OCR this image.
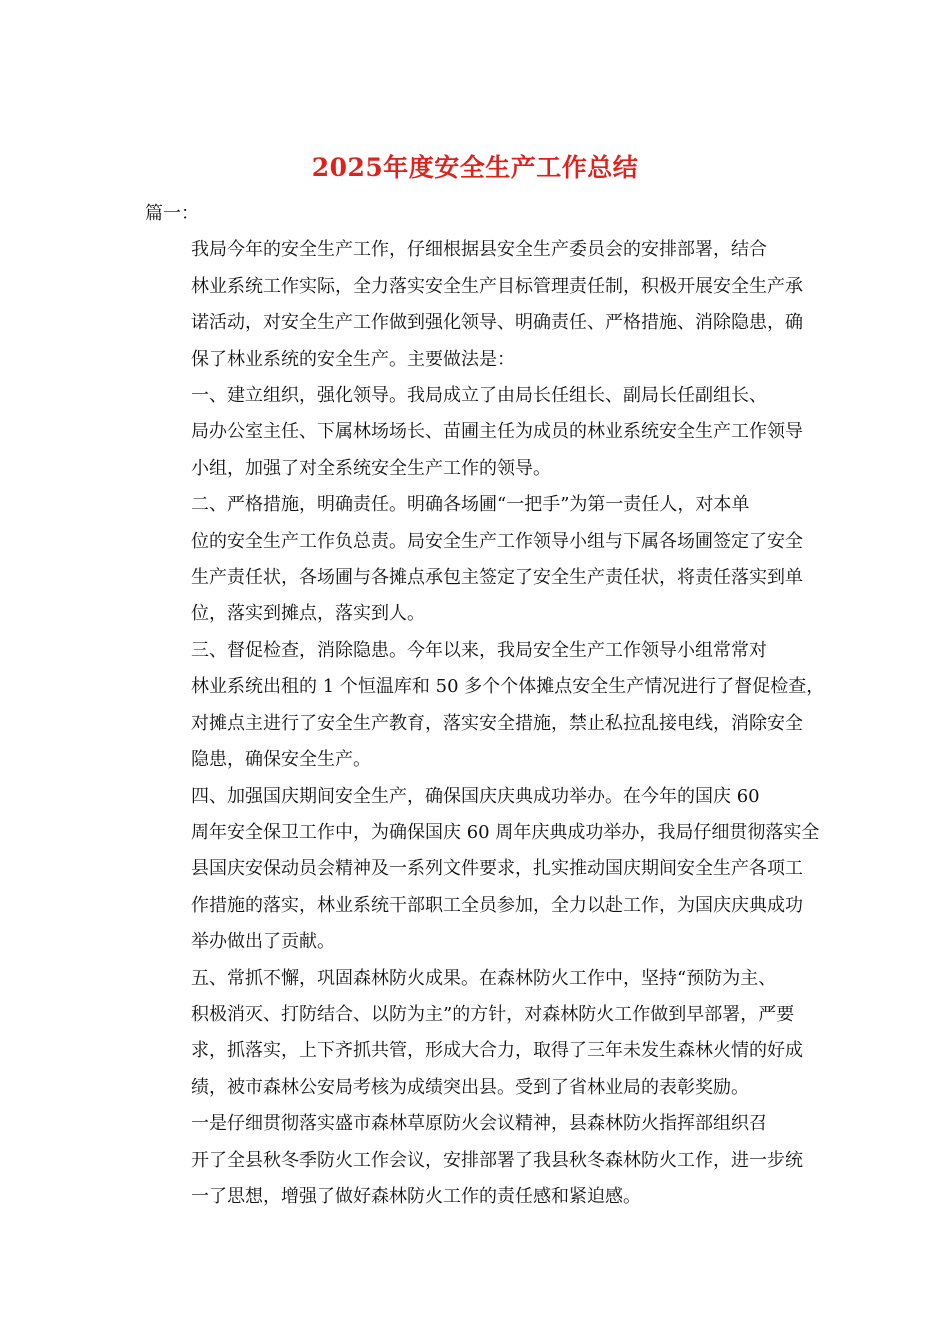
2025年度安全生产工作总结

篇一：

我局今年的安全生产工作，仔细根据县安全生产委员会的安排部署，结合
林业系统工作实际，全力落实安全生产目标管理责任制，积极开展安全生产承
诺活动，对安全生产工作做到强化领导、明确责任、严格措施、消除隐患，确
保了林业系统的安全生产。主要做法是：

一、建立组织，强化领导。我局成立了由局长任组长、副局长任副组长、
局办公室主任、下属林场场长、苗圃主任为成员的林业系统安全生产工作领导
小组，加强了对全系统安全生产工作的领导。

二、严格措施，明确责任。明确各场圃“一把手”为第一责任人，对本单
位的安全生产工作负总责。局安全生产工作领导小组与下属各场圃签定了安全
生产责任状，各场圃与各摊点承包主签定了安全生产责任状，将责任落实到单
位，落实到摊点，落实到人。

三、督促检查，消除隐患。今年以来，我局安全生产工作领导小组常常对
林业系统出租的 1 个恒温库和 50 多个个体摊点安全生产情况进行了督促检查，
对摊点主进行了安全生产教育，落实安全措施，禁止私拉乱接电线，消除安全
隐患，确保安全生产。

四、加强国庆期间安全生产，确保国庆庆典成功举办。在今年的国庆 60
周年安全保卫工作中，为确保国庆 60 周年庆典成功举办，我局仔细贯彻落实全
县国庆安保动员会精神及一系列文件要求，扎实推动国庆期间安全生产各项工
作措施的落实，林业系统干部职工全员参加，全力以赴工作，为国庆庆典成功
举办做出了贡献。

五、常抓不懈，巩固森林防火成果。在森林防火工作中，坚持“预防为主、
积极消灭、打防结合、以防为主”的方针，对森林防火工作做到早部署，严要
求，抓落实，上下齐抓共管，形成大合力，取得了三年未发生森林火情的好成
绩，被市森林公安局考核为成绩突出县。受到了省林业局的表彰奖励。

一是仔细贯彻落实盛市森林草原防火会议精神，县森林防火指挥部组织召
开了全县秋冬季防火工作会议，安排部署了我县秋冬森林防火工作，进一步统
一了思想，增强了做好森林防火工作的责任感和紧迫感。
